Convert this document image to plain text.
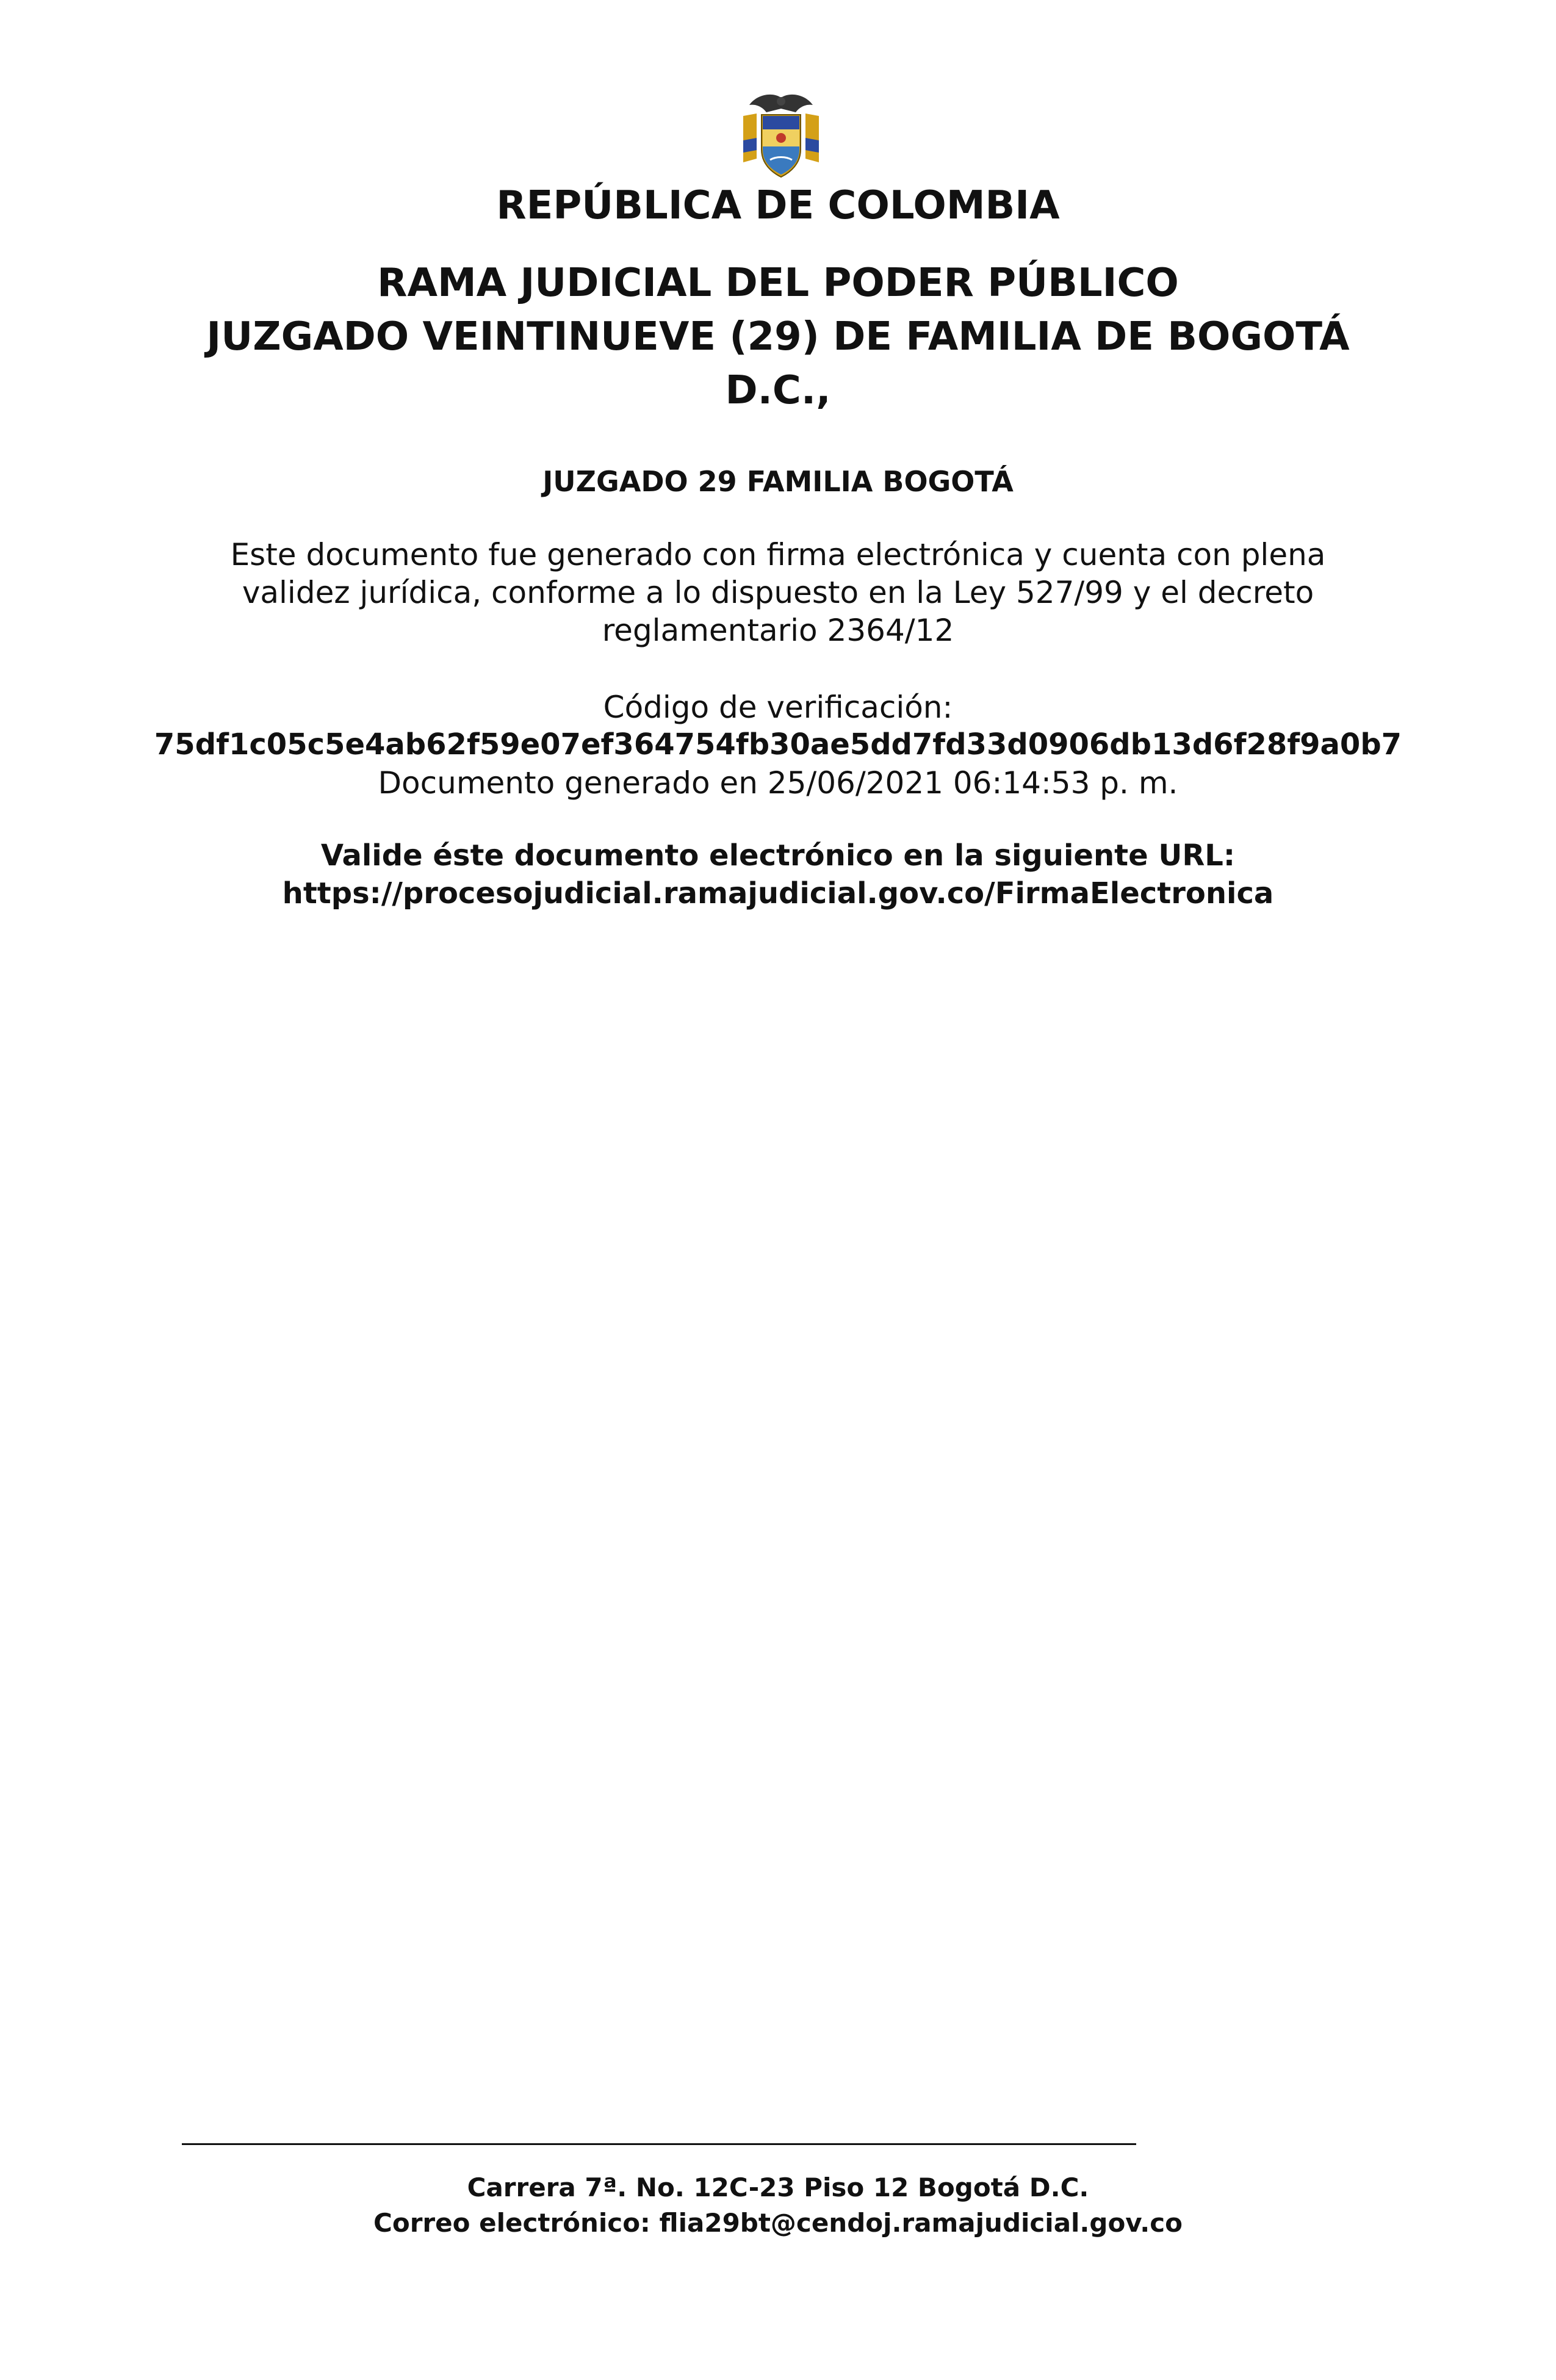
REPÚBLICA DE COLOMBIA
RAMA JUDICIAL DEL PODER PÚBLICO
JUZGADO VEINTINUEVE (29) DE FAMILIA DE BOGOTÁ
D.C.,
JUZGADO 29 FAMILIA BOGOTÁ
Este documento fue generado con firma electrónica y cuenta con plena
validez jurídica, conforme a lo dispuesto en la Ley 527/99 y el decreto
reglamentario 2364/12
Código de verificación:
75df1c05c5e4ab62f59e07ef364754fb30ae5dd7fd33d0906db13d6f28f9a0b7
Documento generado en 25/06/2021 06:14:53 p. m.
Valide éste documento electrónico en la siguiente URL:
https://procesojudicial.ramajudicial.gov.co/FirmaElectronica
Carrera 7ª. No. 12C-23 Piso 12 Bogotá D.C.
Correo electrónico: flia29bt@cendoj.ramajudicial.gov.co
